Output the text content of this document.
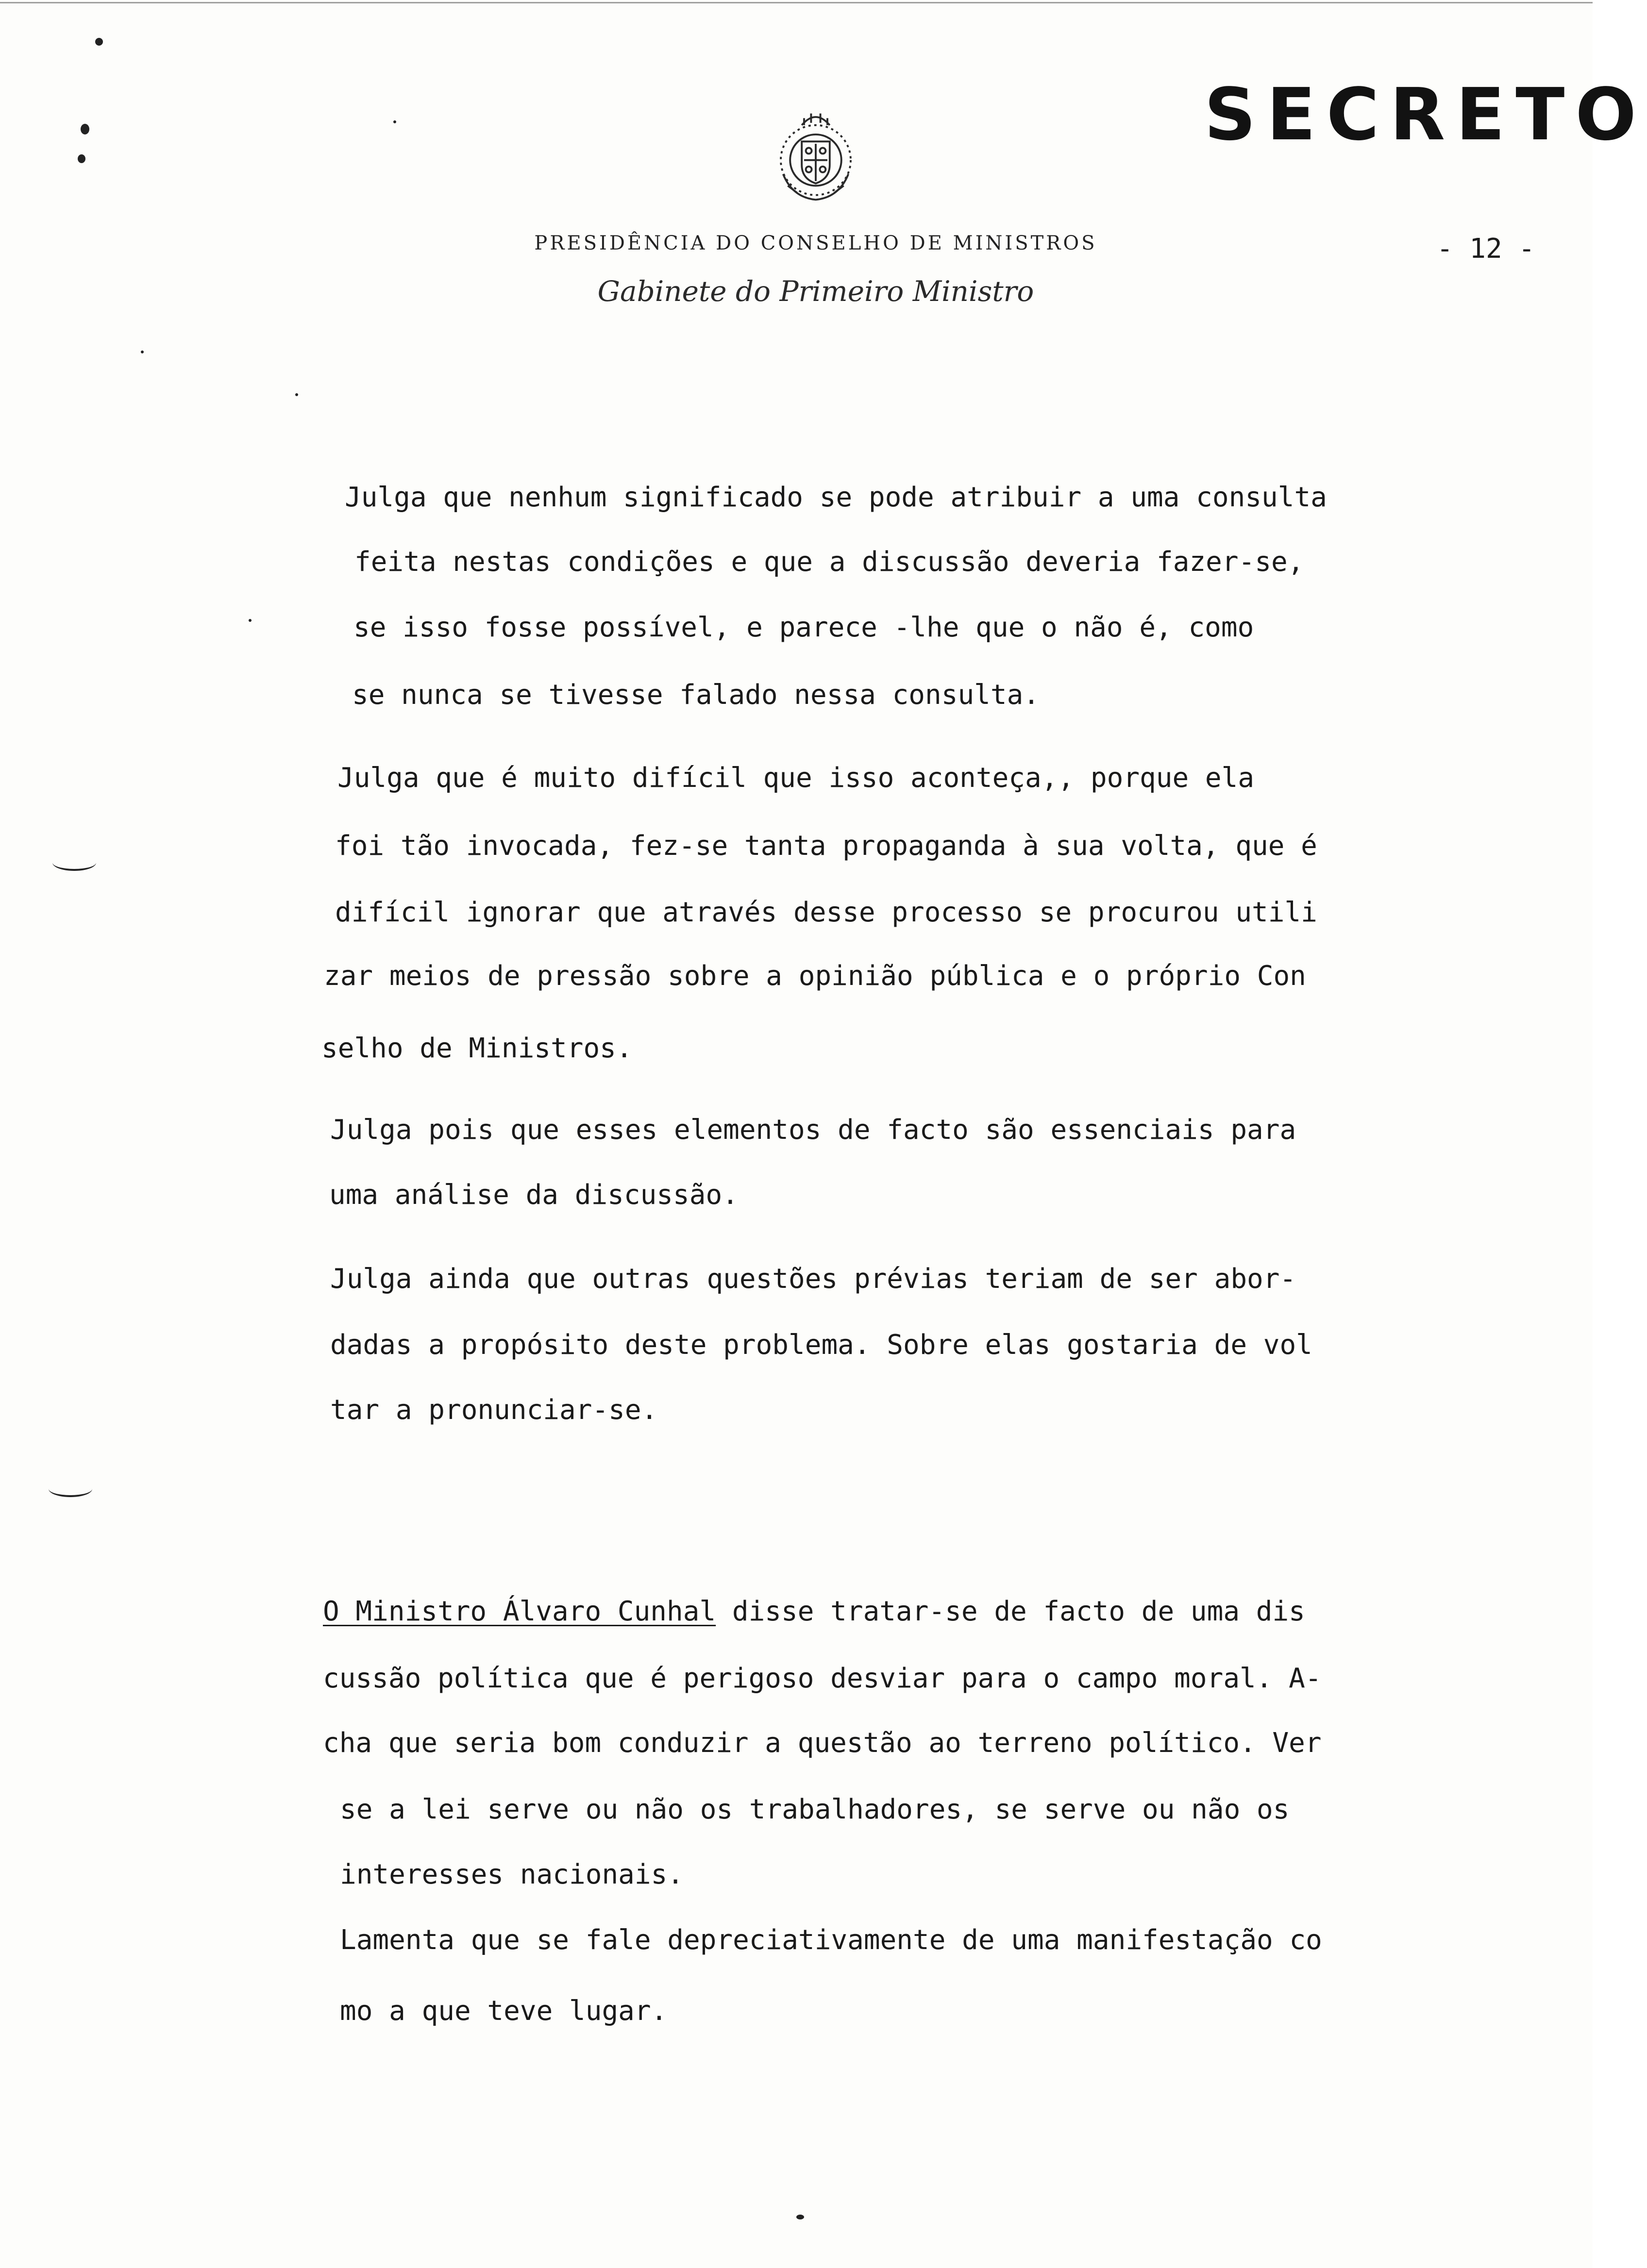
SECRETO
PRESIDÊNCIA DO CONSELHO DE MINISTROS
Gabinete do Primeiro Ministro
- 12 -
Julga que nenhum significado se pode atribuir a uma consulta
feita nestas condições e que a discussão deveria fazer-se,
se isso fosse possível, e parece -lhe que o não é, como
se nunca se tivesse falado nessa consulta.
Julga que é muito difícil que isso aconteça,, porque ela
foi tão invocada, fez-se tanta propaganda à sua volta, que é
difícil ignorar que através desse processo se procurou utili
zar meios de pressão sobre a opinião pública e o próprio Con
selho de Ministros.
Julga pois que esses elementos de facto são essenciais para
uma análise da discussão.
Julga ainda que outras questões prévias teriam de ser abor-
dadas a propósito deste problema. Sobre elas gostaria de vol
tar a pronunciar-se.
O Ministro Álvaro Cunhal disse tratar-se de facto de uma dis
cussão política que é perigoso desviar para o campo moral. A-
cha que seria bom conduzir a questão ao terreno político. Ver
se a lei serve ou não os trabalhadores, se serve ou não os
interesses nacionais.
Lamenta que se fale depreciativamente de uma manifestação co
mo a que teve lugar.
